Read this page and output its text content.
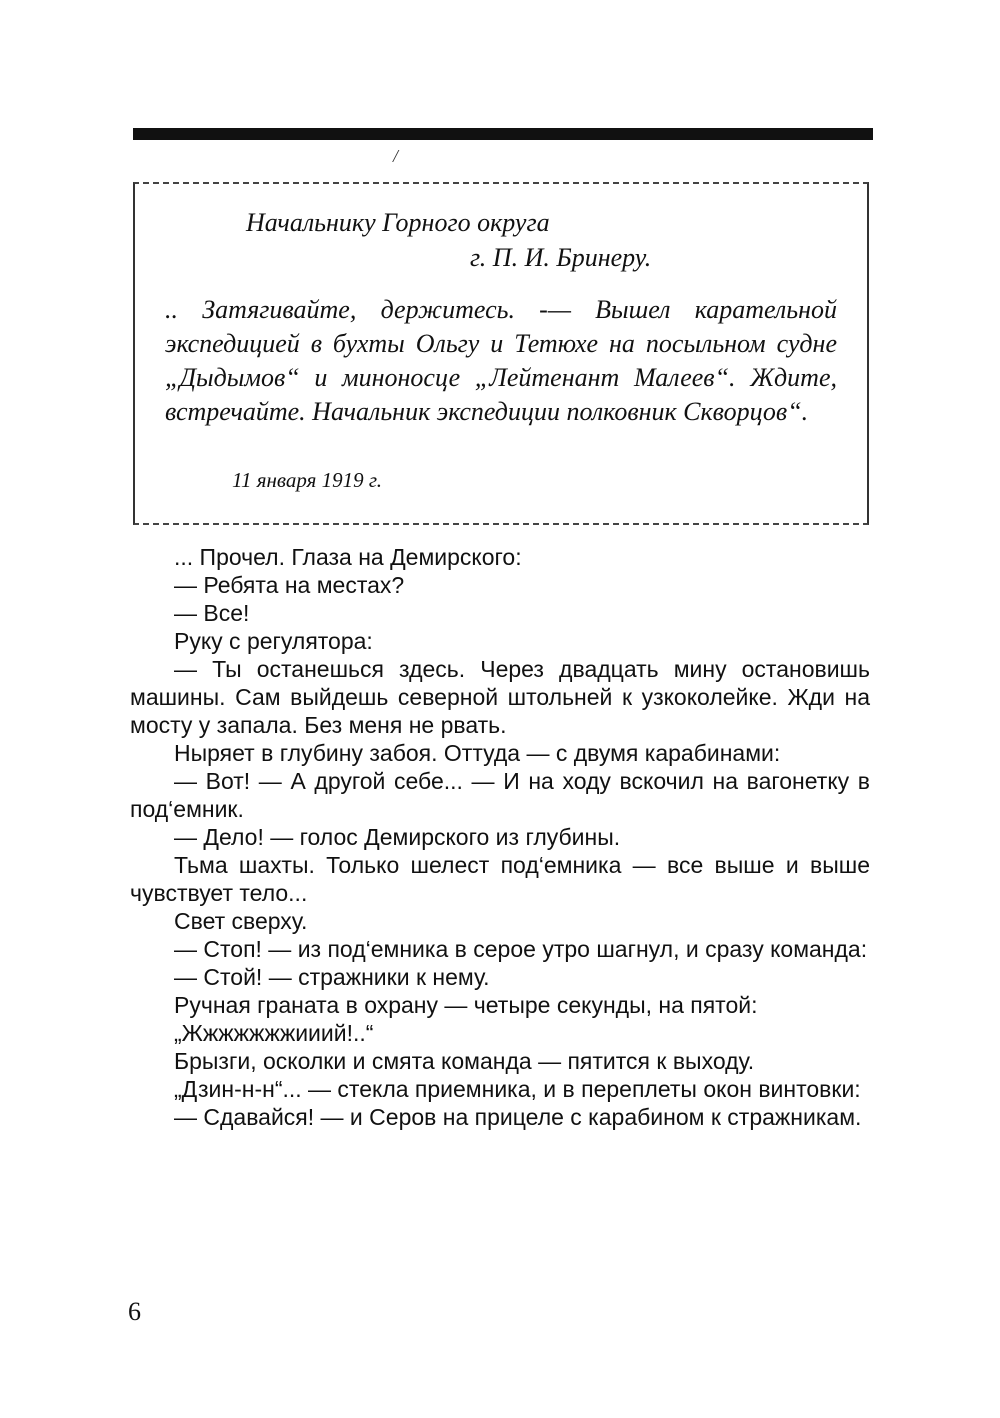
/
Начальнику Горного округа
г. П. И. Бринеру.
.. Затягивайте, держитесь. -— Вышел карательной экспедицией в бухты Ольгу и Тетюхе на посыльном судне „Дыдымов“ и миноносце „Лейтенант Малеев“. Ждите, встречайте. Начальник экспедиции полковник Скворцов“.
11 января 1919 г.

... Прочел. Глаза на Демирского:

— Ребята на местах?

— Все!

Руку с регулятора:

— Ты останешься здесь. Через двадцать мину остановишь машины. Сам выйдешь северной штольней к узкоколейке. Жди на мосту у запала. Без меня не рвать.

Ныряет в глубину забоя. Оттуда — с двумя карабинами:

— Вот! — А другой себе... — И на ходу вскочил на вагонетку в под‘емник.

— Дело! — голос Демирского из глубины.

Тьма шахты. Только шелест под‘емника — все выше и выше чувствует тело...

Свет сверху.

— Стоп! — из под‘емника в серое утро шагнул, и сразу команда:

— Стой! — стражники к нему.

Ручная граната в охрану — четыре секунды, на пятой:

„Жжжжжжжииий!..“

Брызги, осколки и смята команда — пятится к выходу.

„Дзин-н-н“... — стекла приемника, и в переплеты окон винтовки:

— Сдавайся! — и Серов на прицеле с карабином к стражникам.

6
